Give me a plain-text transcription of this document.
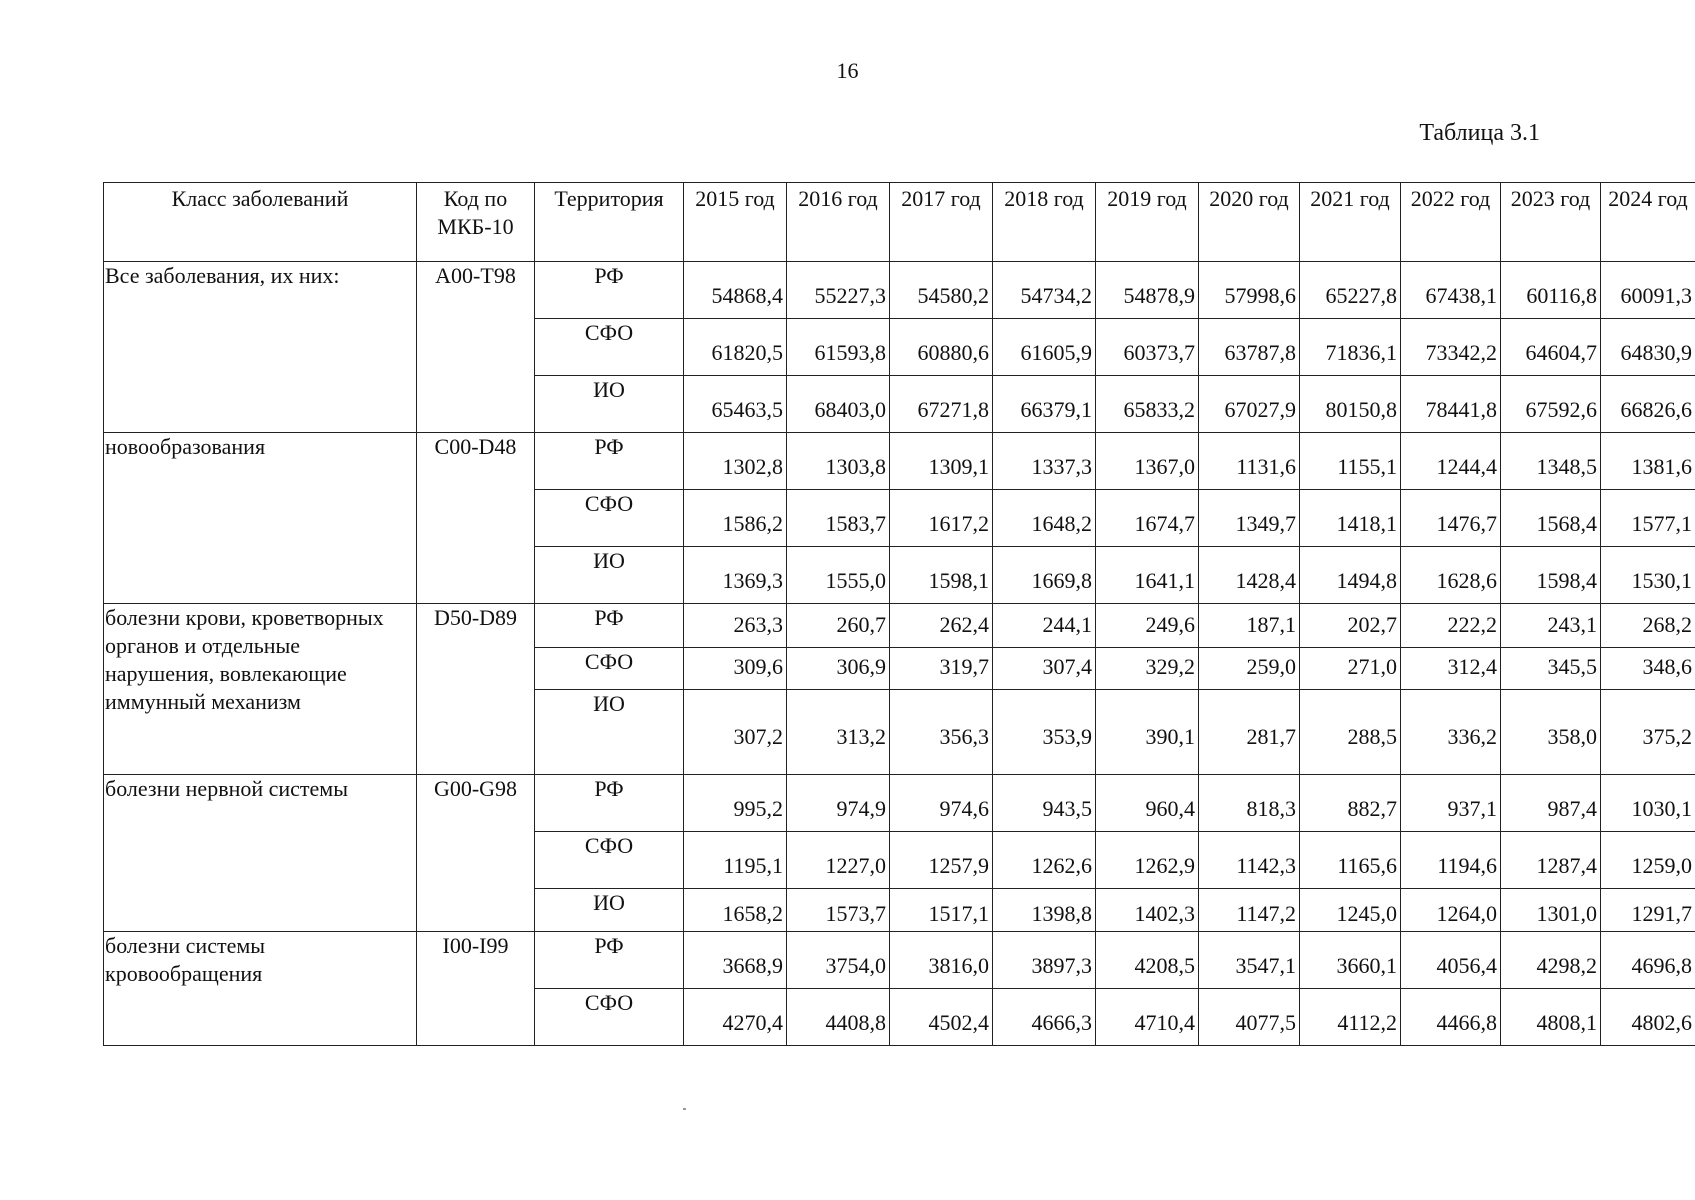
16
Таблица 3.1
Класс заболеваний	Код по МКБ-10	Территория	2015 год	2016 год	2017 год	2018 год	2019 год	2020 год	2021 год	2022 год	2023 год	2024 год
Все заболевания, их них:	A00-T98	РФ	54868,4	55227,3	54580,2	54734,2	54878,9	57998,6	65227,8	67438,1	60116,8	60091,3
		СФО	61820,5	61593,8	60880,6	61605,9	60373,7	63787,8	71836,1	73342,2	64604,7	64830,9
		ИО	65463,5	68403,0	67271,8	66379,1	65833,2	67027,9	80150,8	78441,8	67592,6	66826,6
новообразования	C00-D48	РФ	1302,8	1303,8	1309,1	1337,3	1367,0	1131,6	1155,1	1244,4	1348,5	1381,6
		СФО	1586,2	1583,7	1617,2	1648,2	1674,7	1349,7	1418,1	1476,7	1568,4	1577,1
		ИО	1369,3	1555,0	1598,1	1669,8	1641,1	1428,4	1494,8	1628,6	1598,4	1530,1
болезни крови, кроветворных органов и отдельные нарушения, вовлекающие иммунный механизм	D50-D89	РФ	263,3	260,7	262,4	244,1	249,6	187,1	202,7	222,2	243,1	268,2
		СФО	309,6	306,9	319,7	307,4	329,2	259,0	271,0	312,4	345,5	348,6
		ИО	307,2	313,2	356,3	353,9	390,1	281,7	288,5	336,2	358,0	375,2
болезни нервной системы	G00-G98	РФ	995,2	974,9	974,6	943,5	960,4	818,3	882,7	937,1	987,4	1030,1
		СФО	1195,1	1227,0	1257,9	1262,6	1262,9	1142,3	1165,6	1194,6	1287,4	1259,0
		ИО	1658,2	1573,7	1517,1	1398,8	1402,3	1147,2	1245,0	1264,0	1301,0	1291,7
болезни системы кровообращения	I00-I99	РФ	3668,9	3754,0	3816,0	3897,3	4208,5	3547,1	3660,1	4056,4	4298,2	4696,8
		СФО	4270,4	4408,8	4502,4	4666,3	4710,4	4077,5	4112,2	4466,8	4808,1	4802,6
